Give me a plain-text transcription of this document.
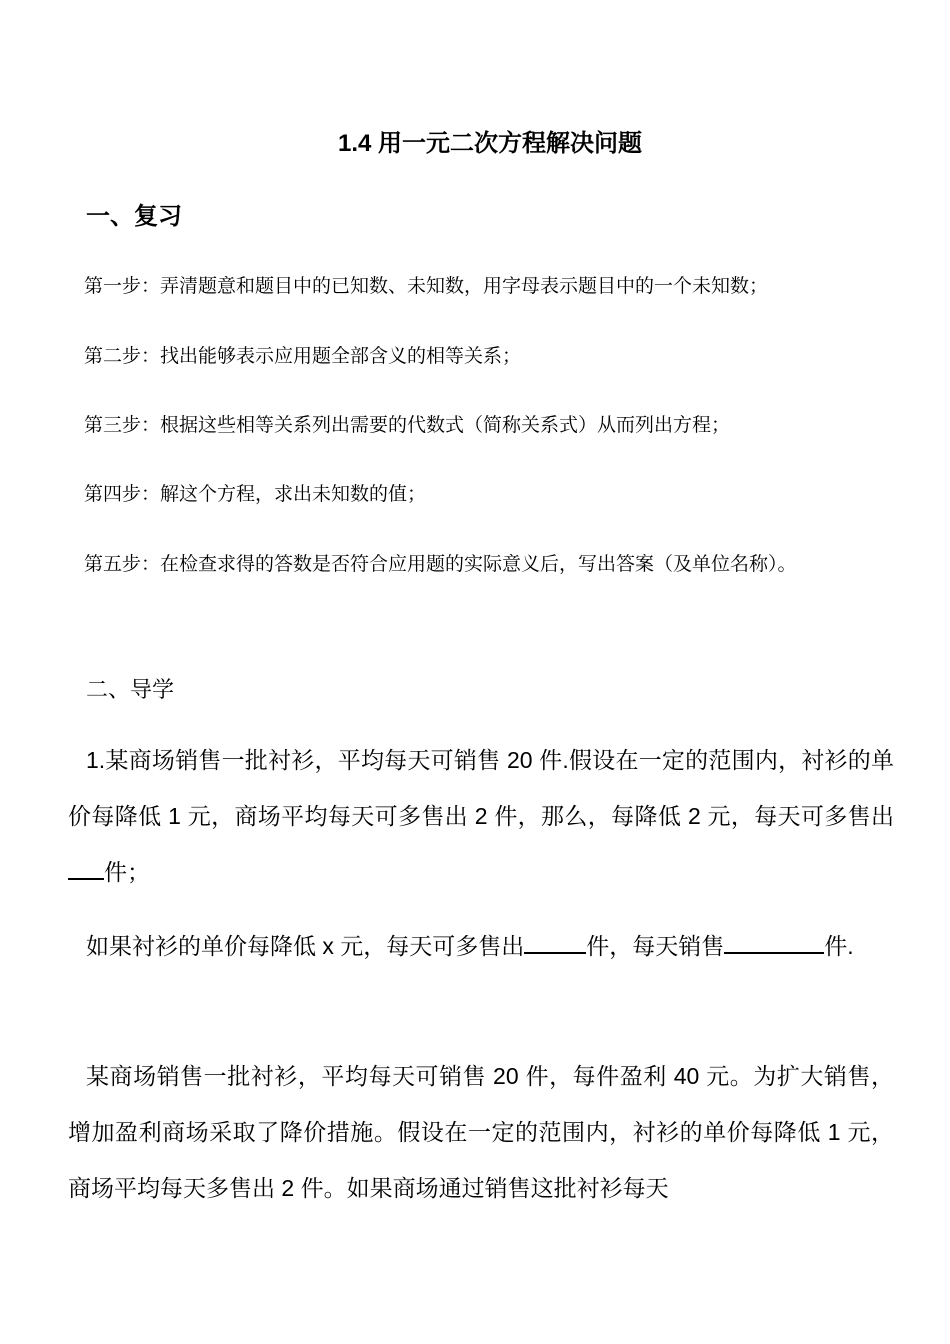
1.4 用一元二次方程解决问题
一、复习
第一步：弄清题意和题目中的已知数、未知数，用字母表示题目中的一个未知数；
第二步：找出能够表示应用题全部含义的相等关系；
第三步：根据这些相等关系列出需要的代数式（简称关系式）从而列出方程；
第四步：解这个方程，求出未知数的值；
第五步：在检查求得的答数是否符合应用题的实际意义后，写出答案（及单位名称）。
二、导学
1.某商场销售一批衬衫，平均每天可销售 20 件.假设在一定的范围内，衬衫的单价每降低 1 元，商场平均每天可多售出 2 件，那么，每降低 2 元，每天可多售出件；
如果衬衫的单价每降低 x 元，每天可多售出	件，每天销售	件.
某商场销售一批衬衫，平均每天可销售 20 件，每件盈利 40 元。为扩大销售，增加盈利商场采取了降价措施。假设在一定的范围内，衬衫的单价每降低 1 元，商场平均每天多售出 2 件。如果商场通过销售这批衬衫每天
